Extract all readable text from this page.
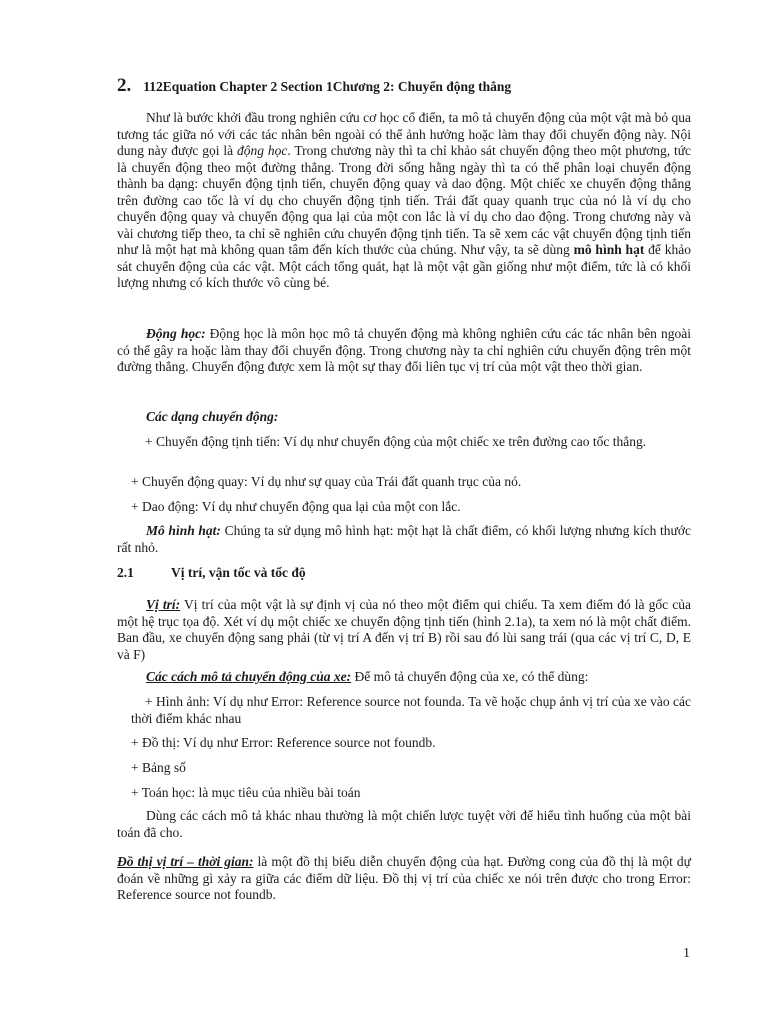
2. 112Equation Chapter 2 Section 1Chương 2: Chuyển động thẳng

Như là bước khởi đầu trong nghiên cứu cơ học cổ điển, ta mô tả chuyển động của một vật mà bỏ qua tương tác giữa nó với các tác nhân bên ngoài có thể ảnh hưởng hoặc làm thay đổi chuyển động này. Nội dung này được gọi là động học. Trong chương này thì ta chỉ khảo sát chuyển động theo một phương, tức là chuyển động theo một đường thẳng. Trong đời sống hằng ngày thì ta có thể phân loại chuyển động thành ba dạng: chuyển động tịnh tiến, chuyển động quay và dao động. Một chiếc xe chuyển động thẳng trên đường cao tốc là ví dụ cho chuyển động tịnh tiến. Trái đất quay quanh trục của nó là ví dụ cho chuyển động quay và chuyển động qua lại của một con lắc là ví dụ cho dao động. Trong chương này và vài chương tiếp theo, ta chỉ sẽ nghiên cứu chuyển động tịnh tiến. Ta sẽ xem các vật chuyển động tịnh tiến như là một hạt mà không quan tâm đến kích thước của chúng. Như vậy, ta sẽ dùng mô hình hạt để khảo sát chuyển động của các vật. Một cách tổng quát, hạt là một vật gần giống như một điểm, tức là có khối lượng nhưng có kích thước vô cùng bé.

Động học: Động học là môn học mô tả chuyển động mà không nghiên cứu các tác nhân bên ngoài có thể gây ra hoặc làm thay đổi chuyển động. Trong chương này ta chỉ nghiên cứu chuyển động trên một đường thẳng. Chuyển động được xem là một sự thay đổi liên tục vị trí của một vật theo thời gian.

Các dạng chuyển động:

+ Chuyển động tịnh tiến: Ví dụ như chuyển động của một chiếc xe trên đường cao tốc thẳng.

+ Chuyển động quay: Ví dụ như sự quay của Trái đất quanh trục của nó.

+ Dao động: Ví dụ như chuyển động qua lại của một con lắc.

Mô hình hạt: Chúng ta sử dụng mô hình hạt: một hạt là chất điểm, có khối lượng nhưng kích thước rất nhỏ.

2.1	Vị trí, vận tốc và tốc độ

Vị trí: Vị trí của một vật là sự định vị của nó theo một điểm qui chiếu. Ta xem điểm đó là gốc của một hệ trục tọa độ. Xét ví dụ một chiếc xe chuyển động tịnh tiến (hình 2.1a), ta xem nó là một chất điểm. Ban đầu, xe chuyển động sang phải (từ vị trí A đến vị trí B) rồi sau đó lùi sang trái (qua các vị trí C, D, E và F)

Các cách mô tả chuyển động của xe: Để mô tả chuyển động của xe, có thể dùng:

+ Hình ảnh: Ví dụ như Error: Reference source not founda. Ta vẽ hoặc chụp ảnh vị trí của xe vào các thời điểm khác nhau

+ Đồ thị: Ví dụ như Error: Reference source not foundb.

+ Bảng số

+ Toán học: là mục tiêu của nhiều bài toán

Dùng các cách mô tả khác nhau thường là một chiến lược tuyệt vời để hiểu tình huống của một bài toán đã cho.

Đồ thị vị trí – thời gian: là một đồ thị biểu diễn chuyển động của hạt. Đường cong của đồ thị là một dự đoán về những gì xảy ra giữa các điểm dữ liệu. Đồ thị vị trí của chiếc xe nói trên được cho trong Error: Reference source not foundb.

1
